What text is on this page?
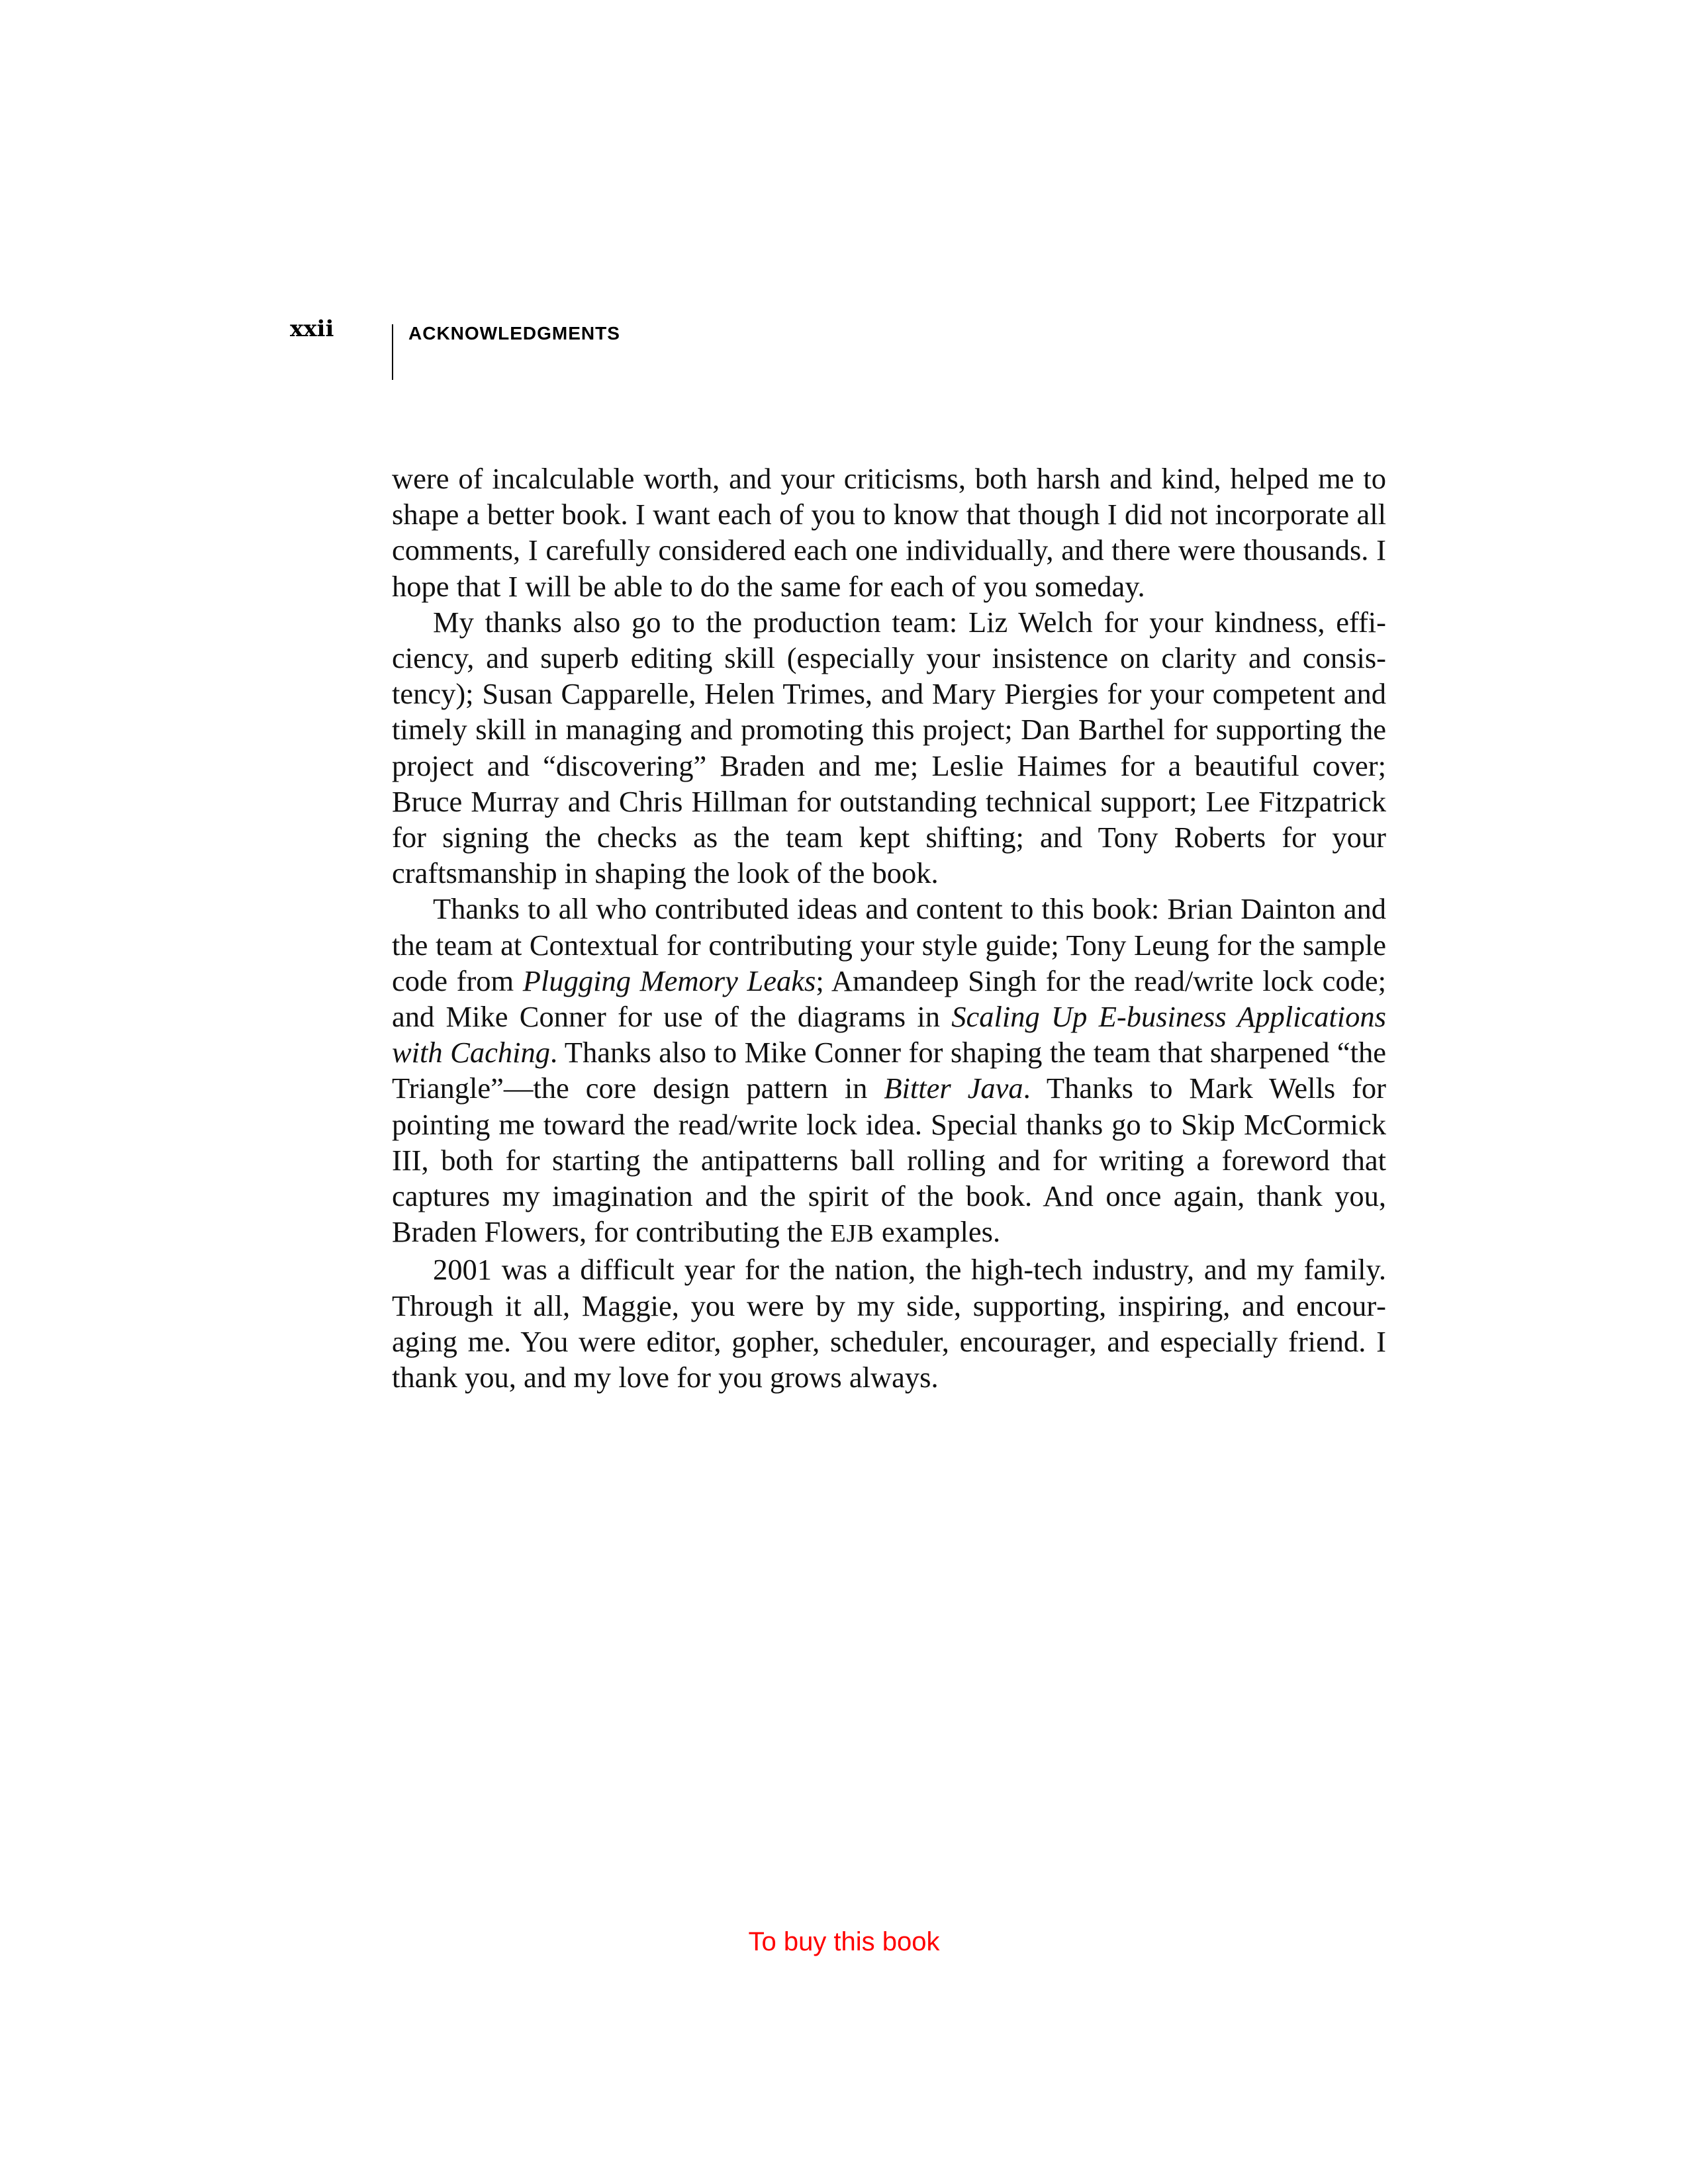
xxii	ACKNOWLEDGMENTS

were of incalculable worth, and your criticisms, both harsh and kind, helped me to shape a better book. I want each of you to know that though I did not incorporate all comments, I carefully considered each one individually, and there were thousands. I hope that I will be able to do the same for each of you someday.

My thanks also go to the production team: Liz Welch for your kindness, efficiency, and superb editing skill (especially your insistence on clarity and consistency); Susan Capparelle, Helen Trimes, and Mary Piergies for your competent and timely skill in managing and promoting this project; Dan Barthel for supporting the project and “discovering” Braden and me; Leslie Haimes for a beautiful cover; Bruce Murray and Chris Hillman for outstanding technical support; Lee Fitzpatrick for signing the checks as the team kept shifting; and Tony Roberts for your craftsmanship in shaping the look of the book.

Thanks to all who contributed ideas and content to this book: Brian Dainton and the team at Contextual for contributing your style guide; Tony Leung for the sample code from Plugging Memory Leaks; Amandeep Singh for the read/write lock code; and Mike Conner for use of the diagrams in Scaling Up E-business Applications with Caching. Thanks also to Mike Conner for shaping the team that sharpened “the Triangle”—the core design pattern in Bitter Java. Thanks to Mark Wells for pointing me toward the read/write lock idea. Special thanks go to Skip McCormick III, both for starting the antipatterns ball rolling and for writing a foreword that captures my imagination and the spirit of the book. And once again, thank you, Braden Flowers, for contributing the EJB examples.

2001 was a difficult year for the nation, the high-tech industry, and my family. Through it all, Maggie, you were by my side, supporting, inspiring, and encouraging me. You were editor, gopher, scheduler, encourager, and especially friend. I thank you, and my love for you grows always.

To buy this book
